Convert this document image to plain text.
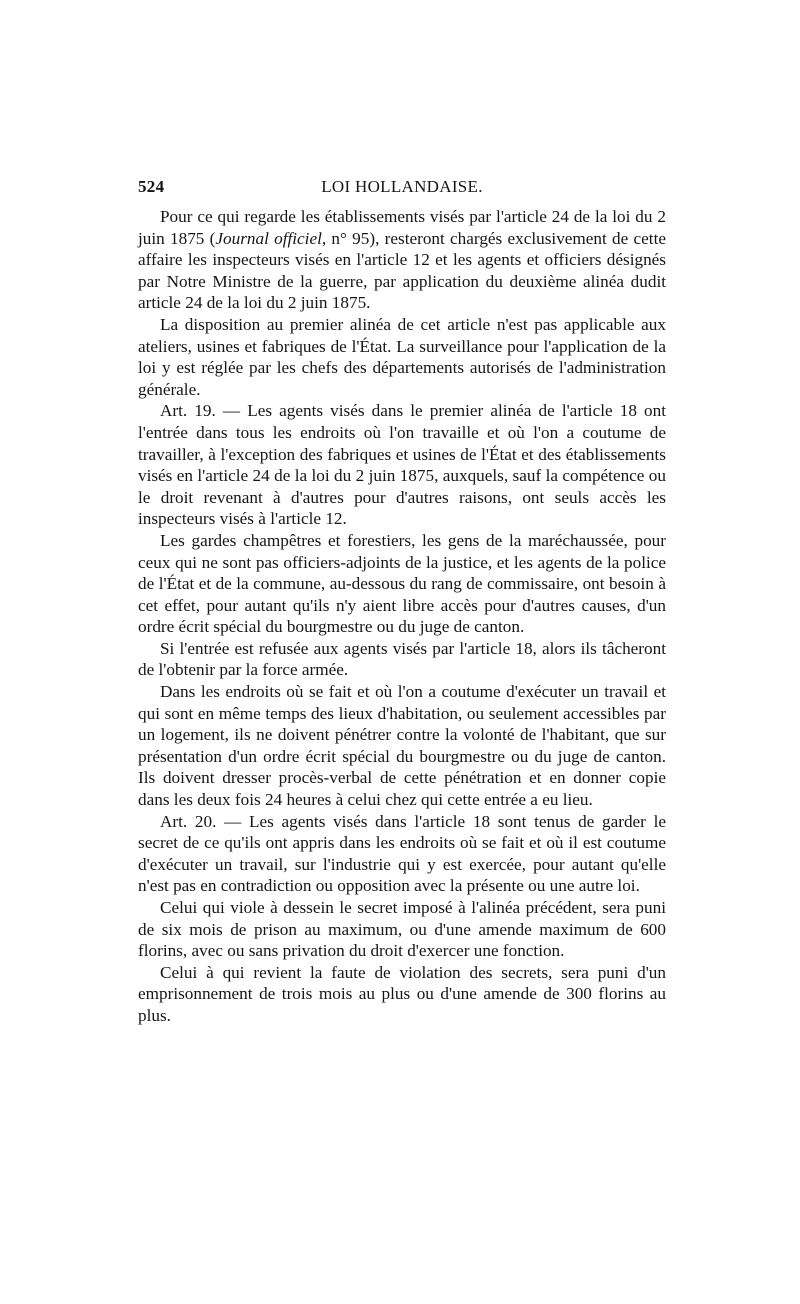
524	LOI HOLLANDAISE.

Pour ce qui regarde les établissements visés par l'article 24 de la loi du 2 juin 1875 (Journal officiel, n° 95), resteront chargés exclusivement de cette affaire les inspecteurs visés en l'article 12 et les agents et officiers désignés par Notre Ministre de la guerre, par application du deuxième alinéa dudit article 24 de la loi du 2 juin 1875.

La disposition au premier alinéa de cet article n'est pas applicable aux ateliers, usines et fabriques de l'État. La surveillance pour l'application de la loi y est réglée par les chefs des départements autorisés de l'administration générale.

Art. 19. — Les agents visés dans le premier alinéa de l'article 18 ont l'entrée dans tous les endroits où l'on travaille et où l'on a coutume de travailler, à l'exception des fabriques et usines de l'État et des établissements visés en l'article 24 de la loi du 2 juin 1875, auxquels, sauf la compétence ou le droit revenant à d'autres pour d'autres raisons, ont seuls accès les inspecteurs visés à l'article 12.

Les gardes champêtres et forestiers, les gens de la maréchaussée, pour ceux qui ne sont pas officiers-adjoints de la justice, et les agents de la police de l'État et de la commune, au-dessous du rang de commissaire, ont besoin à cet effet, pour autant qu'ils n'y aient libre accès pour d'autres causes, d'un ordre écrit spécial du bourgmestre ou du juge de canton.

Si l'entrée est refusée aux agents visés par l'article 18, alors ils tâcheront de l'obtenir par la force armée.

Dans les endroits où se fait et où l'on a coutume d'exécuter un travail et qui sont en même temps des lieux d'habitation, ou seulement accessibles par un logement, ils ne doivent pénétrer contre la volonté de l'habitant, que sur présentation d'un ordre écrit spécial du bourgmestre ou du juge de canton. Ils doivent dresser procès-verbal de cette pénétration et en donner copie dans les deux fois 24 heures à celui chez qui cette entrée a eu lieu.

Art. 20. — Les agents visés dans l'article 18 sont tenus de garder le secret de ce qu'ils ont appris dans les endroits où se fait et où il est coutume d'exécuter un travail, sur l'industrie qui y est exercée, pour autant qu'elle n'est pas en contradiction ou opposition avec la présente ou une autre loi.

Celui qui viole à dessein le secret imposé à l'alinéa précédent, sera puni de six mois de prison au maximum, ou d'une amende maximum de 600 florins, avec ou sans privation du droit d'exercer une fonction.

Celui à qui revient la faute de violation des secrets, sera puni d'un emprisonnement de trois mois au plus ou d'une amende de 300 florins au plus.
